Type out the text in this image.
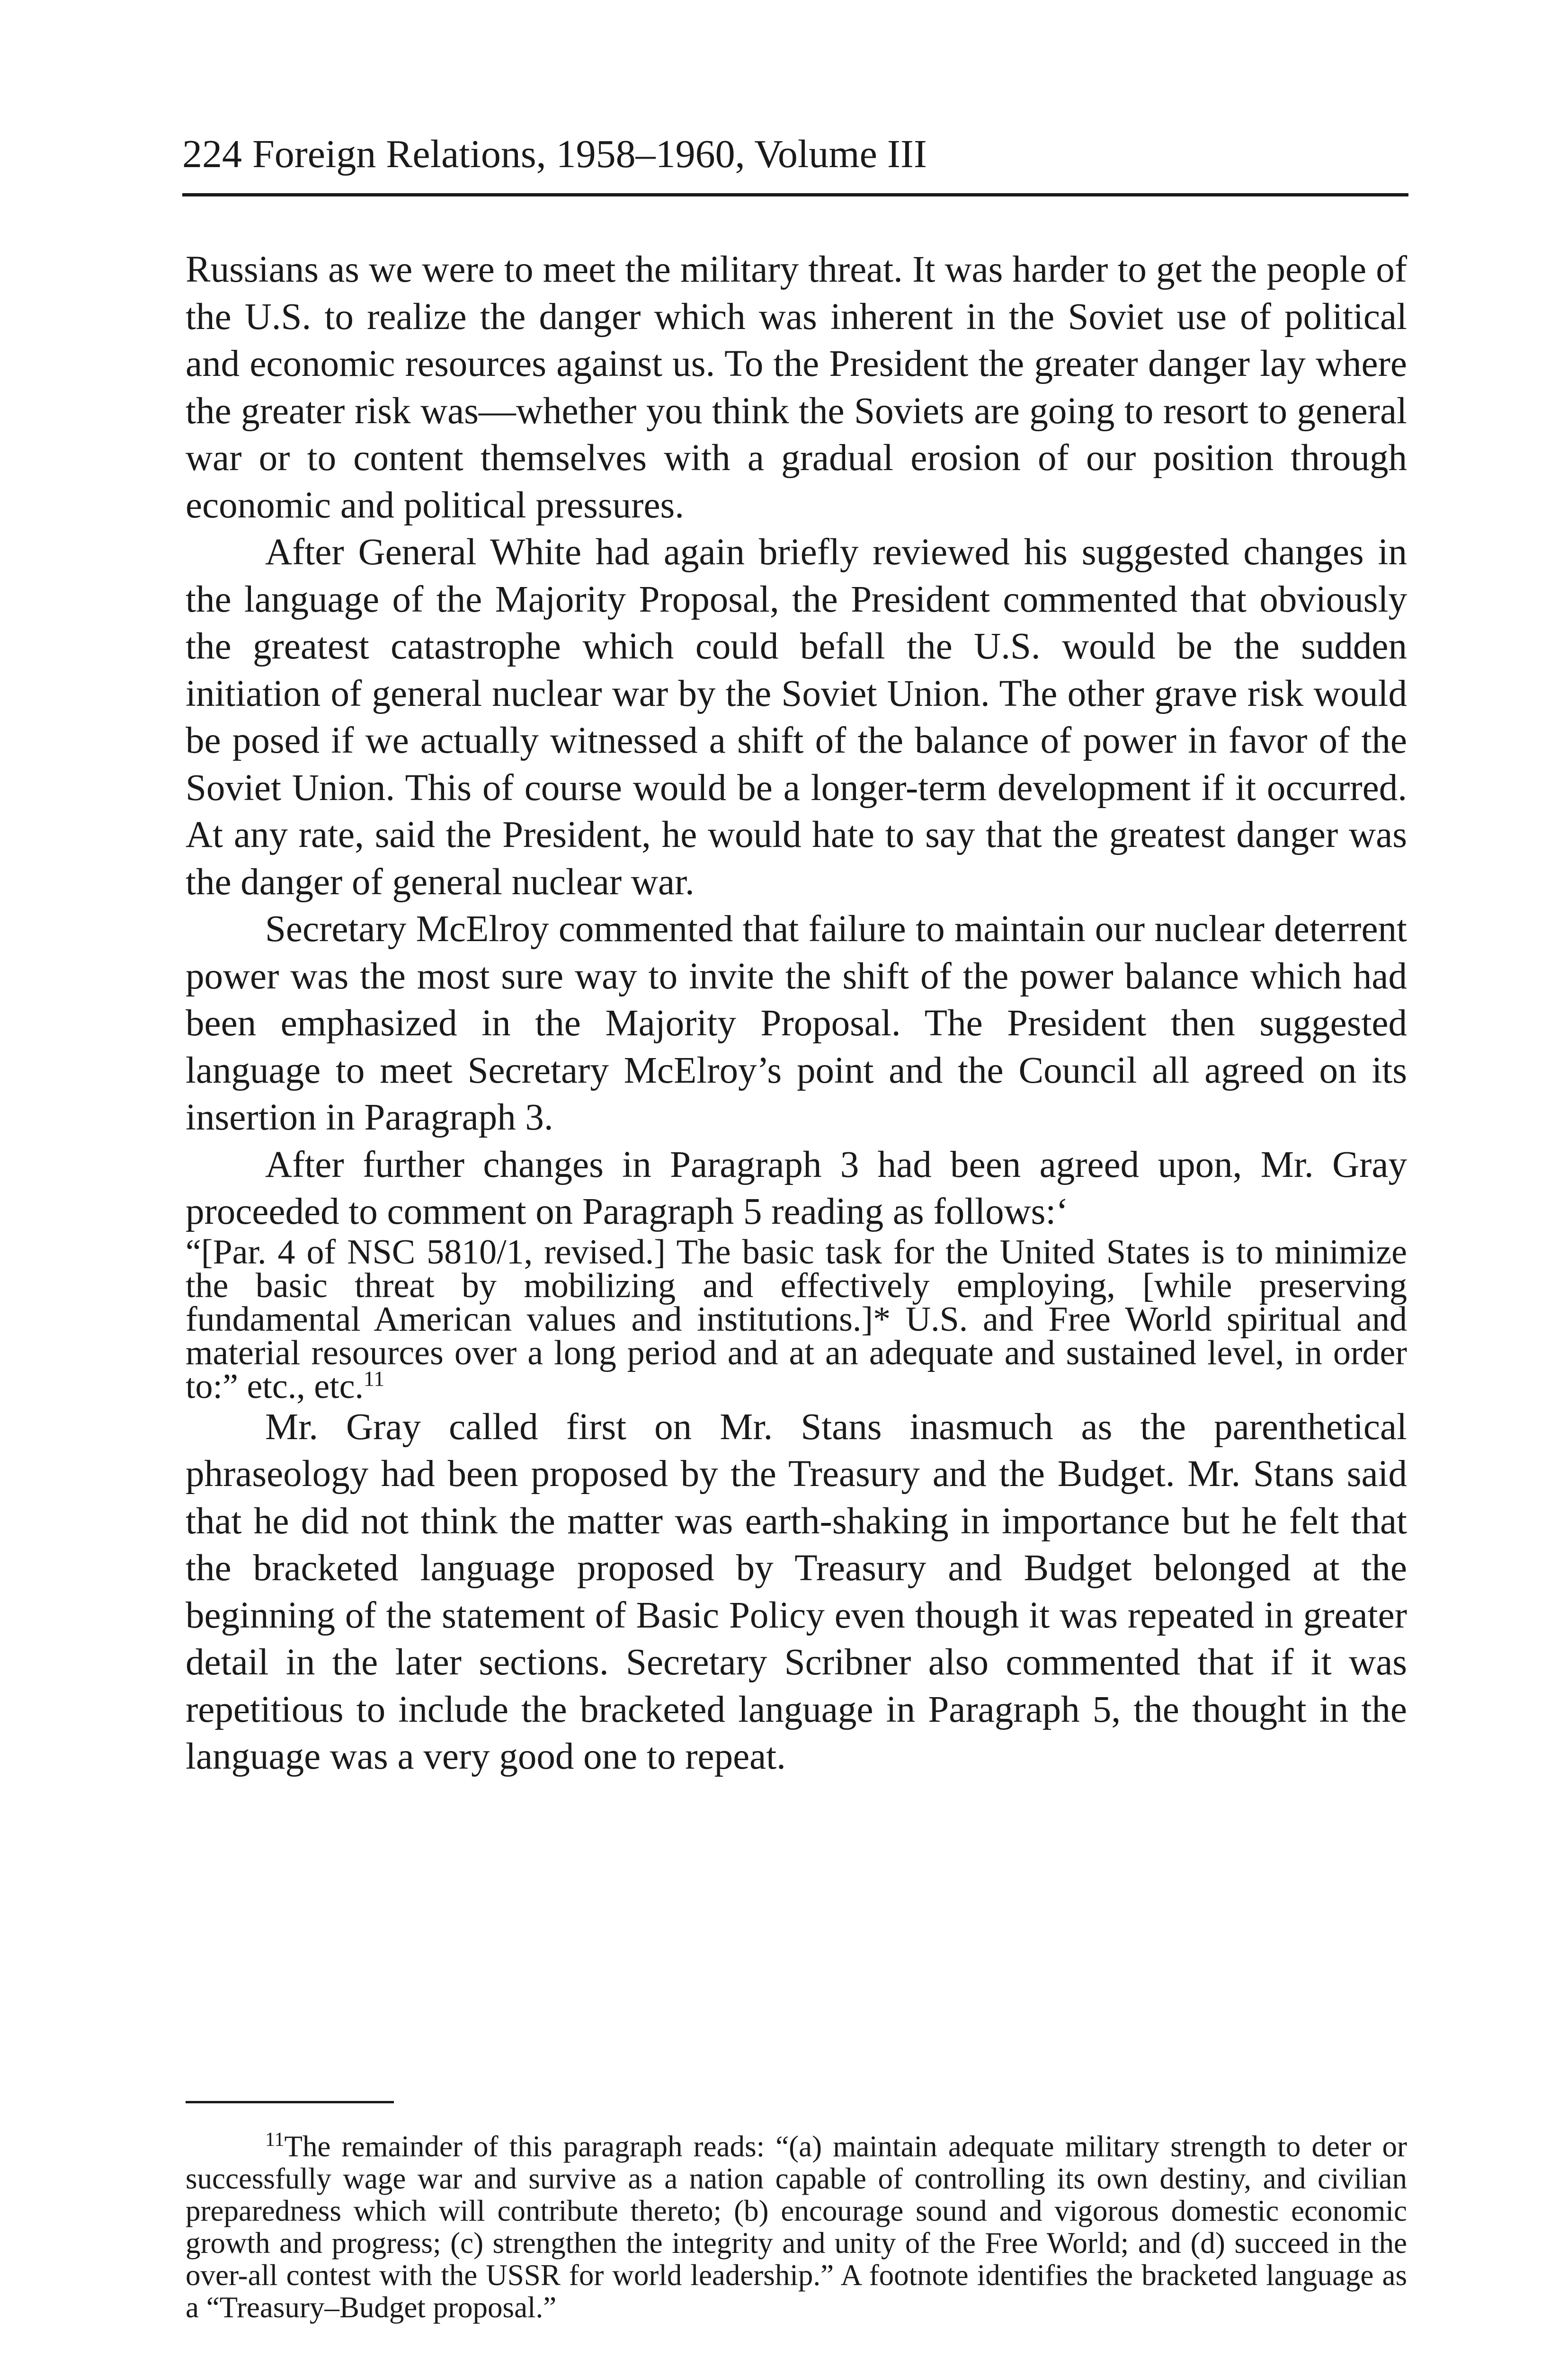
224 Foreign Relations, 1958–1960, Volume III

Russians as we were to meet the military threat. It was harder to get the people of the U.S. to realize the danger which was inherent in the Soviet use of political and economic resources against us. To the President the greater danger lay where the greater risk was—whether you think the Soviets are going to resort to general war or to content themselves with a gradual erosion of our position through economic and political pressures.

After General White had again briefly reviewed his suggested changes in the language of the Majority Proposal, the President commented that obviously the greatest catastrophe which could befall the U.S. would be the sudden initiation of general nuclear war by the Soviet Union. The other grave risk would be posed if we actually witnessed a shift of the balance of power in favor of the Soviet Union. This of course would be a longer-term development if it occurred. At any rate, said the President, he would hate to say that the greatest danger was the danger of general nuclear war.

Secretary McElroy commented that failure to maintain our nuclear deterrent power was the most sure way to invite the shift of the power balance which had been emphasized in the Majority Proposal. The President then suggested language to meet Secretary McElroy’s point and the Council all agreed on its insertion in Paragraph 3.

After further changes in Paragraph 3 had been agreed upon, Mr. Gray proceeded to comment on Paragraph 5 reading as follows:‘

“[Par. 4 of NSC 5810/1, revised.] The basic task for the United States is to minimize the basic threat by mobilizing and effectively employing, [while preserving fundamental American values and institutions.]* U.S. and Free World spiritual and material resources over a long period and at an adequate and sustained level, in order to:” etc., etc.$^{11}$

Mr. Gray called first on Mr. Stans inasmuch as the parenthetical phraseology had been proposed by the Treasury and the Budget. Mr. Stans said that he did not think the matter was earth-shaking in importance but he felt that the bracketed language proposed by Treasury and Budget belonged at the beginning of the statement of Basic Policy even though it was repeated in greater detail in the later sections. Secretary Scribner also commented that if it was repetitious to include the bracketed language in Paragraph 5, the thought in the language was a very good one to repeat.

$^{11}$The remainder of this paragraph reads: “(a) maintain adequate military strength to deter or successfully wage war and survive as a nation capable of controlling its own destiny, and civilian preparedness which will contribute thereto; (b) encourage sound and vigorous domestic economic growth and progress; (c) strengthen the integrity and unity of the Free World; and (d) succeed in the over-all contest with the USSR for world leadership.” A footnote identifies the bracketed language as a “Treasury–Budget proposal.”
